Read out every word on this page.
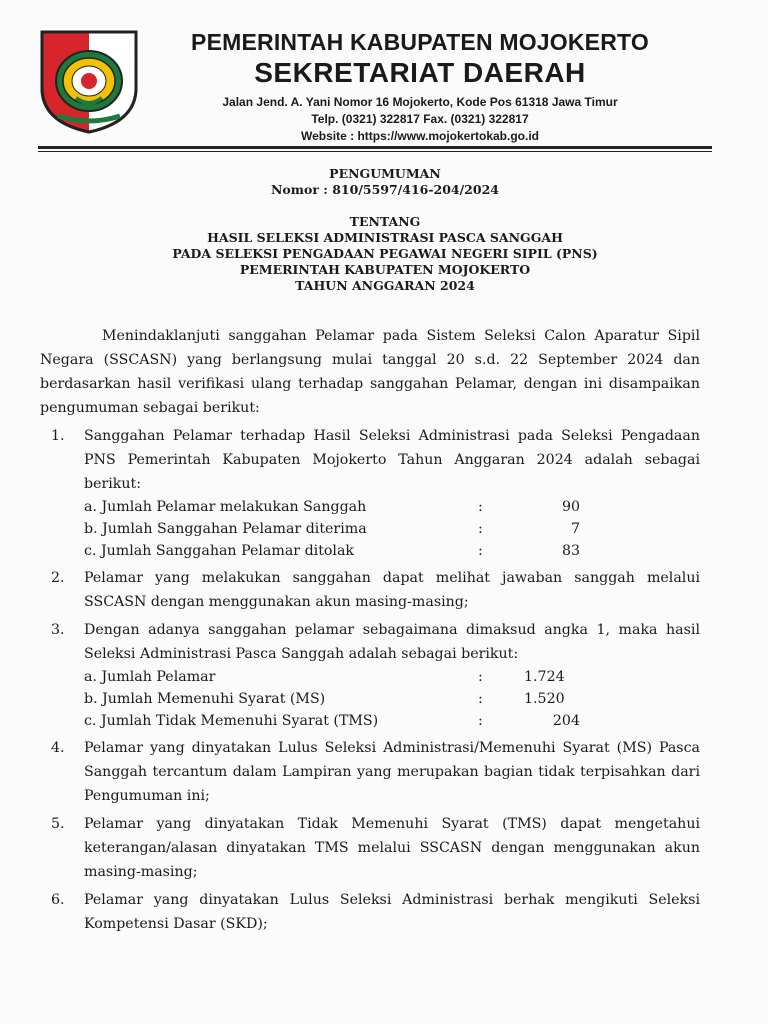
PEMERINTAH KABUPATEN MOJOKERTO
SEKRETARIAT DAERAH
Jalan Jend. A. Yani Nomor 16 Mojokerto, Kode Pos 61318 Jawa Timur
Telp. (0321) 322817 Fax. (0321) 322817
Website : https://www.mojokertokab.go.id
PENGUMUMAN
Nomor : 810/5597/416-204/2024
TENTANG
HASIL SELEKSI ADMINISTRASI PASCA SANGGAH
PADA SELEKSI PENGADAAN PEGAWAI NEGERI SIPIL (PNS)
PEMERINTAH KABUPATEN MOJOKERTO
TAHUN ANGGARAN 2024

Menindaklanjuti sanggahan Pelamar pada Sistem Seleksi Calon Aparatur Sipil Negara (SSCASN) yang berlangsung mulai tanggal 20 s.d. 22 September 2024 dan berdasarkan hasil verifikasi ulang terhadap sanggahan Pelamar, dengan ini disampaikan pengumuman sebagai berikut:

1.	Sanggahan Pelamar terhadap Hasil Seleksi Administrasi pada Seleksi Pengadaan PNS Pemerintah Kabupaten Mojokerto Tahun Anggaran 2024 adalah sebagai berikut:
a. Jumlah Pelamar melakukan Sanggah	:	90
b. Jumlah Sanggahan Pelamar diterima	:	7
c. Jumlah Sanggahan Pelamar ditolak	:	83
2.	Pelamar yang melakukan sanggahan dapat melihat jawaban sanggah melalui SSCASN dengan menggunakan akun masing-masing;
3.	Dengan adanya sanggahan pelamar sebagaimana dimaksud angka 1, maka hasil Seleksi Administrasi Pasca Sanggah adalah sebagai berikut:
a. Jumlah Pelamar	:	1.724
b. Jumlah Memenuhi Syarat (MS)	:	1.520
c. Jumlah Tidak Memenuhi Syarat (TMS)	:	204
4.	Pelamar yang dinyatakan Lulus Seleksi Administrasi/Memenuhi Syarat (MS) Pasca Sanggah tercantum dalam Lampiran yang merupakan bagian tidak terpisahkan dari Pengumuman ini;
5.	Pelamar yang dinyatakan Tidak Memenuhi Syarat (TMS) dapat mengetahui keterangan/alasan dinyatakan TMS melalui SSCASN dengan menggunakan akun masing-masing;
6.	Pelamar yang dinyatakan Lulus Seleksi Administrasi berhak mengikuti Seleksi Kompetensi Dasar (SKD);
